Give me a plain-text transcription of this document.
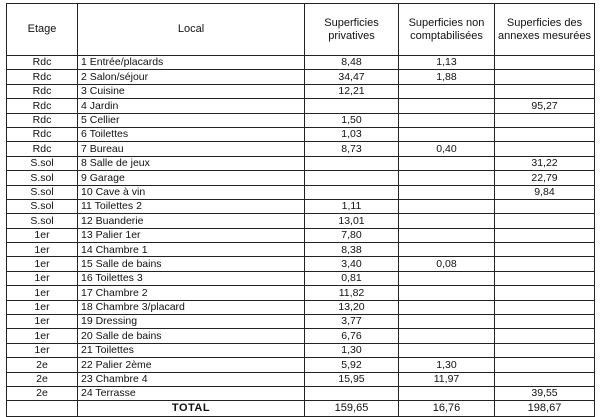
Etage	Local	Superficies privatives	Superficies non comptabilisées	Superficies des annexes mesurées
Rdc	1 Entrée/placards	8,48	1,13	
Rdc	2 Salon/séjour	34,47	1,88	
Rdc	3 Cuisine	12,21		
Rdc	4 Jardin			95,27
Rdc	5 Cellier	1,50		
Rdc	6 Toilettes	1,03		
Rdc	7 Bureau	8,73	0,40	
S.sol	8 Salle de jeux			31,22
S.sol	9 Garage			22,79
S.sol	10 Cave à vin			9,84
S.sol	11 Toilettes 2	1,11		
S.sol	12 Buanderie	13,01		
1er	13 Palier 1er	7,80		
1er	14 Chambre 1	8,38		
1er	15 Salle de bains	3,40	0,08	
1er	16 Toilettes 3	0,81		
1er	17 Chambre 2	11,82		
1er	18 Chambre 3/placard	13,20		
1er	19 Dressing	3,77		
1er	20 Salle de bains	6,76		
1er	21 Toilettes	1,30		
2e	22 Palier 2ème	5,92	1,30	
2e	23 Chambre 4	15,95	11,97	
2e	24 Terrasse			39,55
	TOTAL	159,65	16,76	198,67
